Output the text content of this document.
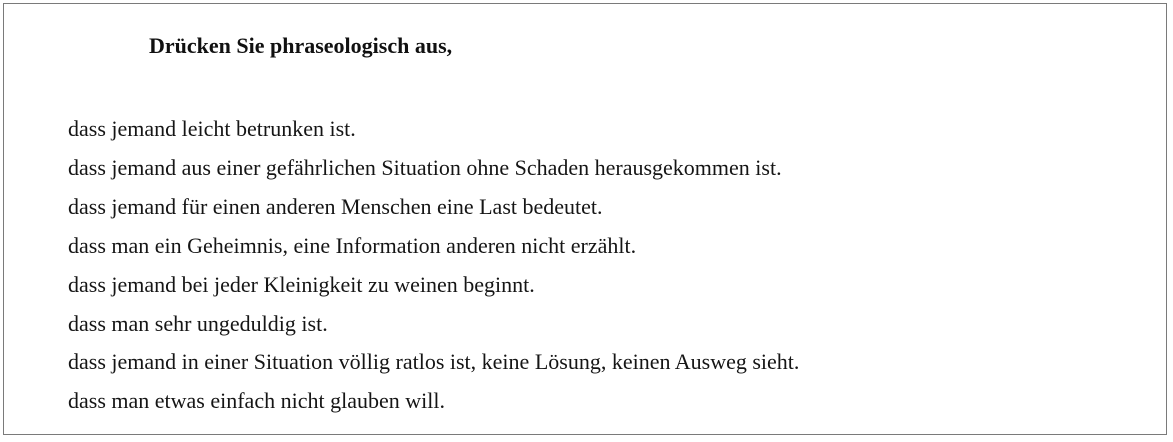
Drücken Sie phraseologisch aus,

dass jemand leicht betrunken ist.
dass jemand aus einer gefährlichen Situation ohne Schaden herausgekommen ist.
dass jemand für einen anderen Menschen eine Last bedeutet.
dass man ein Geheimnis, eine Information anderen nicht erzählt.
dass jemand bei jeder Kleinigkeit zu weinen beginnt.
dass man sehr ungeduldig ist.
dass jemand in einer Situation völlig ratlos ist, keine Lösung, keinen Ausweg sieht.
dass man etwas einfach nicht glauben will.
